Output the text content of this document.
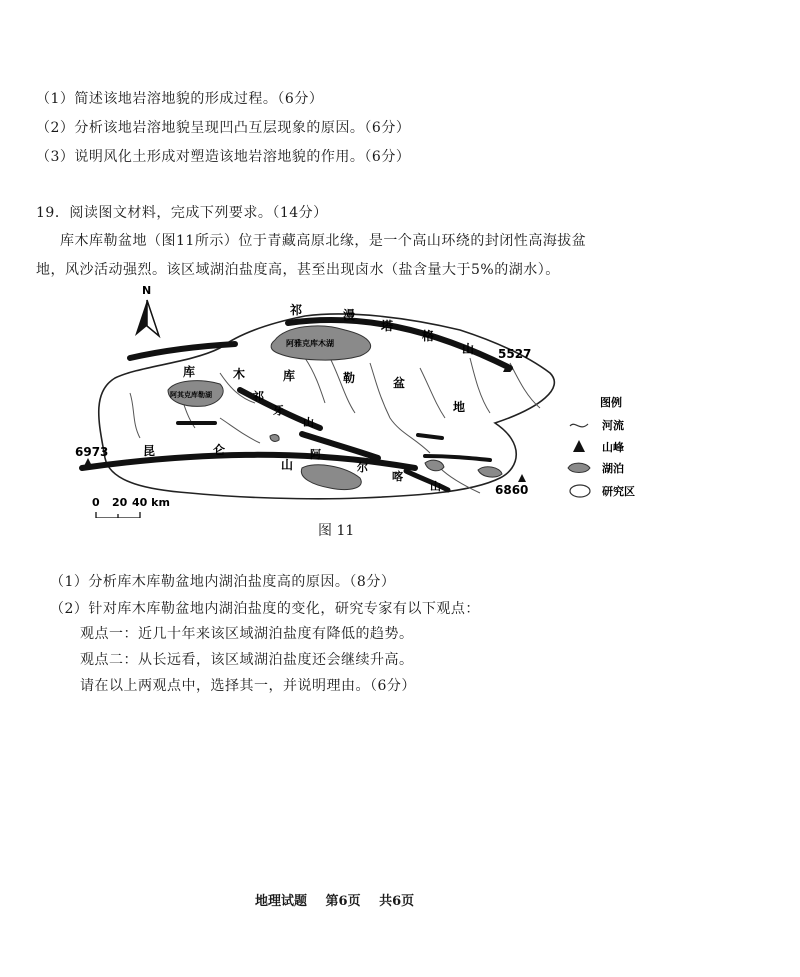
（1）简述该地岩溶地貌的形成过程。（6分）
（2）分析该地岩溶地貌呈现凹凸互层现象的原因。（6分）
（3）说明风化土形成对塑造该地岩溶地貌的作用。（6分）
19．阅读图文材料，完成下列要求。（14分）
库木库勒盆地（图11所示）位于青藏高原北缘，是一个高山环绕的封闭性高海拔盆
地，风沙活动强烈。该区域湖泊盐度高，甚至出现卤水（盐含量大于5%的湖水）。
N
5527
6973
6860
阿雅克库木湖
阿其克库勒湖
祁	漫
塔
格
山
库	木	库	勒	盆
地
祁
牙
山
昆	仑
山
阿
尔
喀
山
0 20 40 km
图例
河流
山峰
湖泊
研究区
图 11
（1）分析库木库勒盆地内湖泊盐度高的原因。（8分）
（2）针对库木库勒盆地内湖泊盐度的变化，研究专家有以下观点：
观点一：近几十年来该区域湖泊盐度有降低的趋势。
观点二：从长远看，该区域湖泊盐度还会继续升高。
请在以上两观点中，选择其一，并说明理由。（6分）
地理试题 第6页 共6页
